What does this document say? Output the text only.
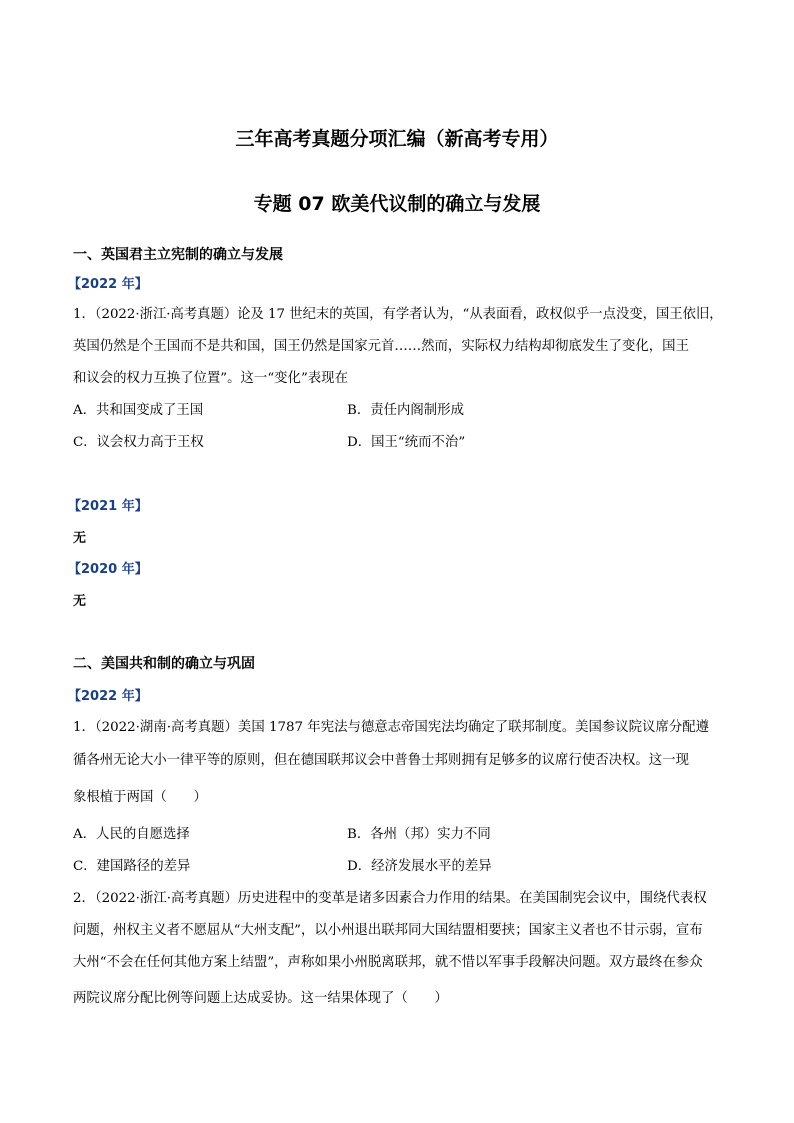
三年高考真题分项汇编（新高考专用）
专题 07 欧美代议制的确立与发展
一、英国君主立宪制的确立与发展
【2022 年】
1．（2022·浙江·高考真题）论及 17 世纪末的英国，有学者认为，“从表面看，政权似乎一点没变，国王依旧，
英国仍然是个王国而不是共和国，国王仍然是国家元首……然而，实际权力结构却彻底发生了变化，国王
和议会的权力互换了位置”。这一“变化”表现在
A．共和国变成了王国	B．责任内阁制形成
C．议会权力高于王权	D．国王“统而不治”
【2021 年】
无
【2020 年】
无
二、美国共和制的确立与巩固
【2022 年】
1．（2022·湖南·高考真题）美国 1787 年宪法与德意志帝国宪法均确定了联邦制度。美国参议院议席分配遵
循各州无论大小一律平等的原则，但在德国联邦议会中普鲁士邦则拥有足够多的议席行使否决权。这一现
象根植于两国（　　）
A．人民的自愿选择	B．各州（邦）实力不同
C．建国路径的差异	D．经济发展水平的差异
2．（2022·浙江·高考真题）历史进程中的变革是诸多因素合力作用的结果。在美国制宪会议中，围绕代表权
问题，州权主义者不愿屈从“大州支配”，以小州退出联邦同大国结盟相要挟；国家主义者也不甘示弱，宣布
大州“不会在任何其他方案上结盟”，声称如果小州脱离联邦，就不惜以军事手段解决问题。双方最终在参众
两院议席分配比例等问题上达成妥协。这一结果体现了（　　）
